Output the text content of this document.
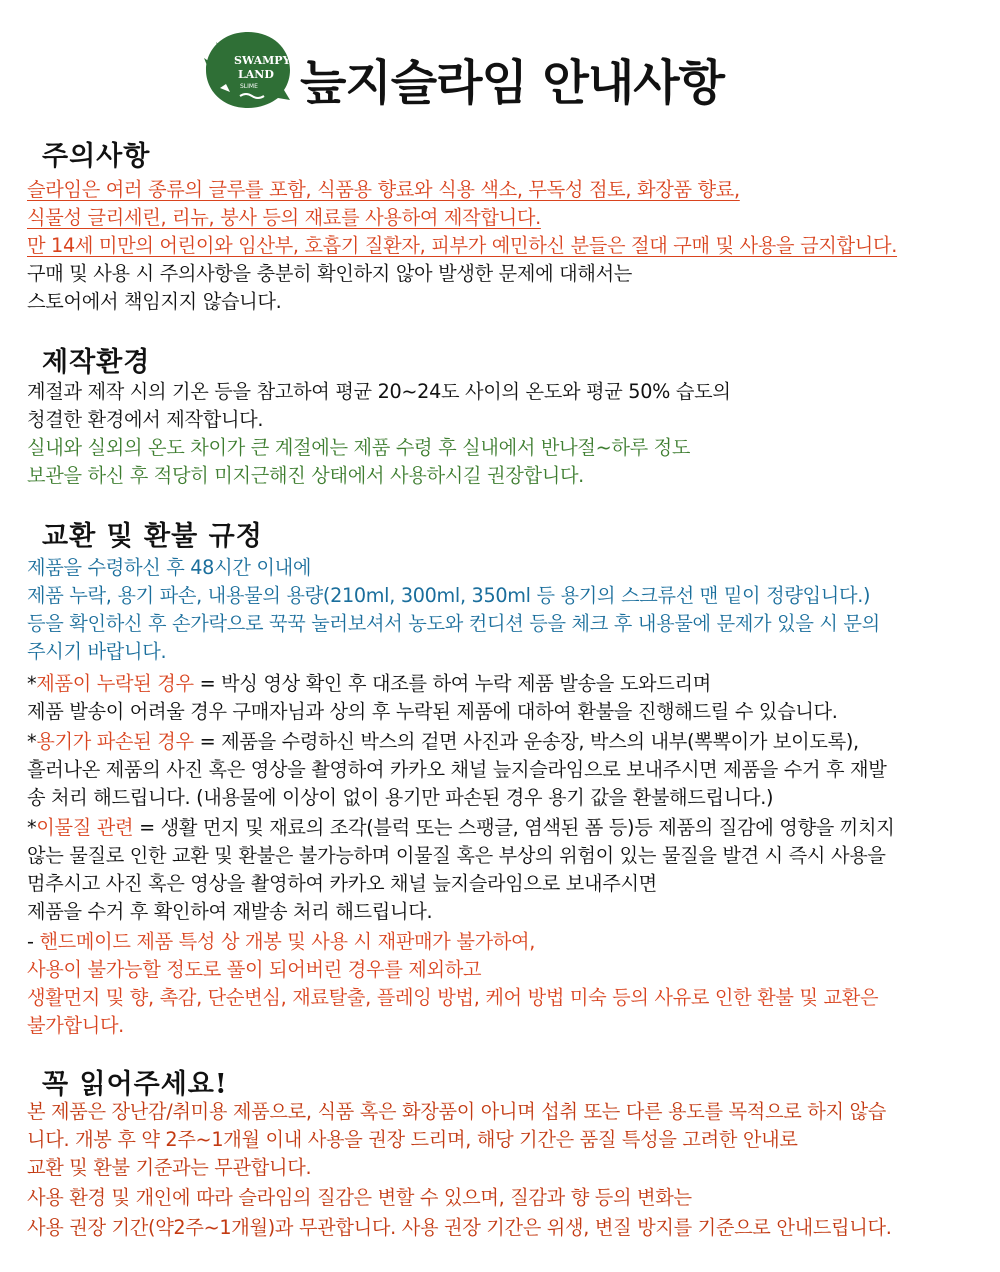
SWAMPY
LAND
SLIME 늪지슬라임 안내사항
주의사항
슬라임은 여러 종류의 글루를 포함, 식품용 향료와 식용 색소, 무독성 점토, 화장품 향료,
식물성 글리세린, 리뉴, 붕사 등의 재료를 사용하여 제작합니다.
만 14세 미만의 어린이와 임산부, 호흡기 질환자, 피부가 예민하신 분들은 절대 구매 및 사용을 금지합니다.
구매 및 사용 시 주의사항을 충분히 확인하지 않아 발생한 문제에 대해서는
스토어에서 책임지지 않습니다.
제작환경
계절과 제작 시의 기온 등을 참고하여 평균 20~24도 사이의 온도와 평균 50% 습도의
청결한 환경에서 제작합니다.
실내와 실외의 온도 차이가 큰 계절에는 제품 수령 후 실내에서 반나절~하루 정도
보관을 하신 후 적당히 미지근해진 상태에서 사용하시길 권장합니다.
교환 및 환불 규정
제품을 수령하신 후 48시간 이내에
제품 누락, 용기 파손, 내용물의 용량(210ml, 300ml, 350ml 등 용기의 스크류선 맨 밑이 정량입니다.)
등을 확인하신 후 손가락으로 꾹꾹 눌러보셔서 농도와 컨디션 등을 체크 후 내용물에 문제가 있을 시 문의
주시기 바랍니다.
*제품이 누락된 경우 = 박싱 영상 확인 후 대조를 하여 누락 제품 발송을 도와드리며
제품 발송이 어려울 경우 구매자님과 상의 후 누락된 제품에 대하여 환불을 진행해드릴 수 있습니다.
*용기가 파손된 경우 = 제품을 수령하신 박스의 겉면 사진과 운송장, 박스의 내부(뽁뽁이가 보이도록),
흘러나온 제품의 사진 혹은 영상을 촬영하여 카카오 채널 늪지슬라임으로 보내주시면 제품을 수거 후 재발
송 처리 해드립니다. (내용물에 이상이 없이 용기만 파손된 경우 용기 값을 환불해드립니다.)
*이물질 관련 = 생활 먼지 및 재료의 조각(블럭 또는 스팽글, 염색된 폼 등)등 제품의 질감에 영향을 끼치지
않는 물질로 인한 교환 및 환불은 불가능하며 이물질 혹은 부상의 위험이 있는 물질을 발견 시 즉시 사용을
멈추시고 사진 혹은 영상을 촬영하여 카카오 채널 늪지슬라임으로 보내주시면
제품을 수거 후 확인하여 재발송 처리 해드립니다.
- 핸드메이드 제품 특성 상 개봉 및 사용 시 재판매가 불가하여,
사용이 불가능할 정도로 풀이 되어버린 경우를 제외하고
생활먼지 및 향, 촉감, 단순변심, 재료탈출, 플레잉 방법, 케어 방법 미숙 등의 사유로 인한 환불 및 교환은
불가합니다.
꼭 읽어주세요!
본 제품은 장난감/취미용 제품으로, 식품 혹은 화장품이 아니며 섭취 또는 다른 용도를 목적으로 하지 않습
니다. 개봉 후 약 2주~1개월 이내 사용을 권장 드리며, 해당 기간은 품질 특성을 고려한 안내로
교환 및 환불 기준과는 무관합니다.
사용 환경 및 개인에 따라 슬라임의 질감은 변할 수 있으며, 질감과 향 등의 변화는
사용 권장 기간(약2주~1개월)과 무관합니다. 사용 권장 기간은 위생, 변질 방지를 기준으로 안내드립니다.
